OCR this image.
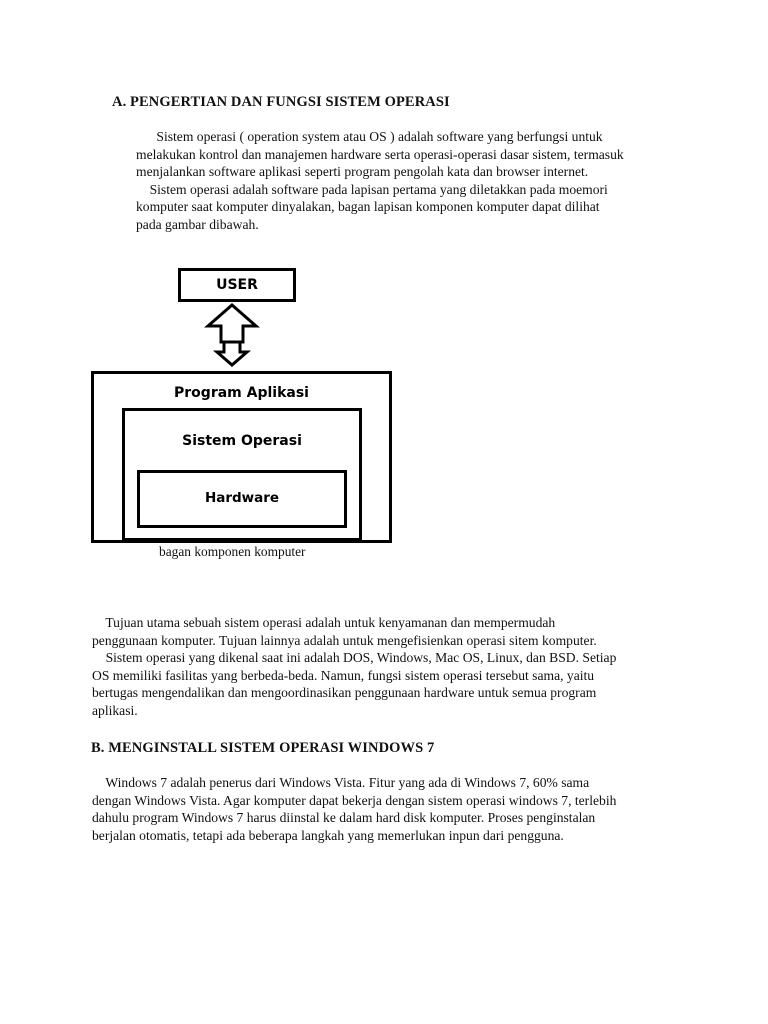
A. PENGERTIAN DAN FUNGSI SISTEM OPERASI
Sistem operasi ( operation system atau OS ) adalah software yang berfungsi untuk
melakukan kontrol dan manajemen hardware serta operasi-operasi dasar sistem, termasuk
menjalankan software aplikasi seperti program pengolah kata dan browser internet.
Sistem operasi adalah software pada lapisan pertama yang diletakkan pada moemori
komputer saat komputer dinyalakan, bagan lapisan komponen komputer dapat dilihat
pada gambar dibawah.
USER
Program Aplikasi
Sistem Operasi
Hardware
bagan komponen komputer
Tujuan utama sebuah sistem operasi adalah untuk kenyamanan dan mempermudah
penggunaan komputer. Tujuan lainnya adalah untuk mengefisienkan operasi sitem komputer.
Sistem operasi yang dikenal saat ini adalah DOS, Windows, Mac OS, Linux, dan BSD. Setiap
OS memiliki fasilitas yang berbeda-beda. Namun, fungsi sistem operasi tersebut sama, yaitu
bertugas mengendalikan dan mengoordinasikan penggunaan hardware untuk semua program
aplikasi.
B. MENGINSTALL SISTEM OPERASI WINDOWS 7
Windows 7 adalah penerus dari Windows Vista. Fitur yang ada di Windows 7, 60% sama
dengan Windows Vista. Agar komputer dapat bekerja dengan sistem operasi windows 7, terlebih
dahulu program Windows 7 harus diinstal ke dalam hard disk komputer. Proses penginstalan
berjalan otomatis, tetapi ada beberapa langkah yang memerlukan inpun dari pengguna.
